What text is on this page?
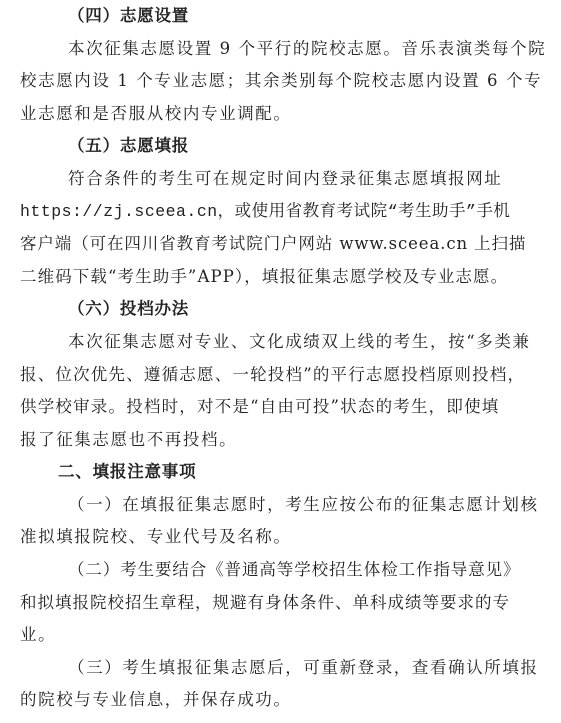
（四）志愿设置
本次征集志愿设置 9 个平行的院校志愿。音乐表演类每个院
校志愿内设 1 个专业志愿；其余类别每个院校志愿内设置 6 个专
业志愿和是否服从校内专业调配。
（五）志愿填报
符合条件的考生可在规定时间内登录征集志愿填报网址
https://zj.sceea.cn，或使用省教育考试院“考生助手”手机
客户端（可在四川省教育考试院门户网站 www.sceea.cn 上扫描
二维码下载“考生助手”APP），填报征集志愿学校及专业志愿。
（六）投档办法
本次征集志愿对专业、文化成绩双上线的考生，按“多类兼
报、位次优先、遵循志愿、一轮投档”的平行志愿投档原则投档，
供学校审录。投档时，对不是“自由可投”状态的考生，即使填
报了征集志愿也不再投档。
二、填报注意事项
（一）在填报征集志愿时，考生应按公布的征集志愿计划核
准拟填报院校、专业代号及名称。
（二）考生要结合《普通高等学校招生体检工作指导意见》
和拟填报院校招生章程，规避有身体条件、单科成绩等要求的专
业。
（三）考生填报征集志愿后，可重新登录，查看确认所填报
的院校与专业信息，并保存成功。
